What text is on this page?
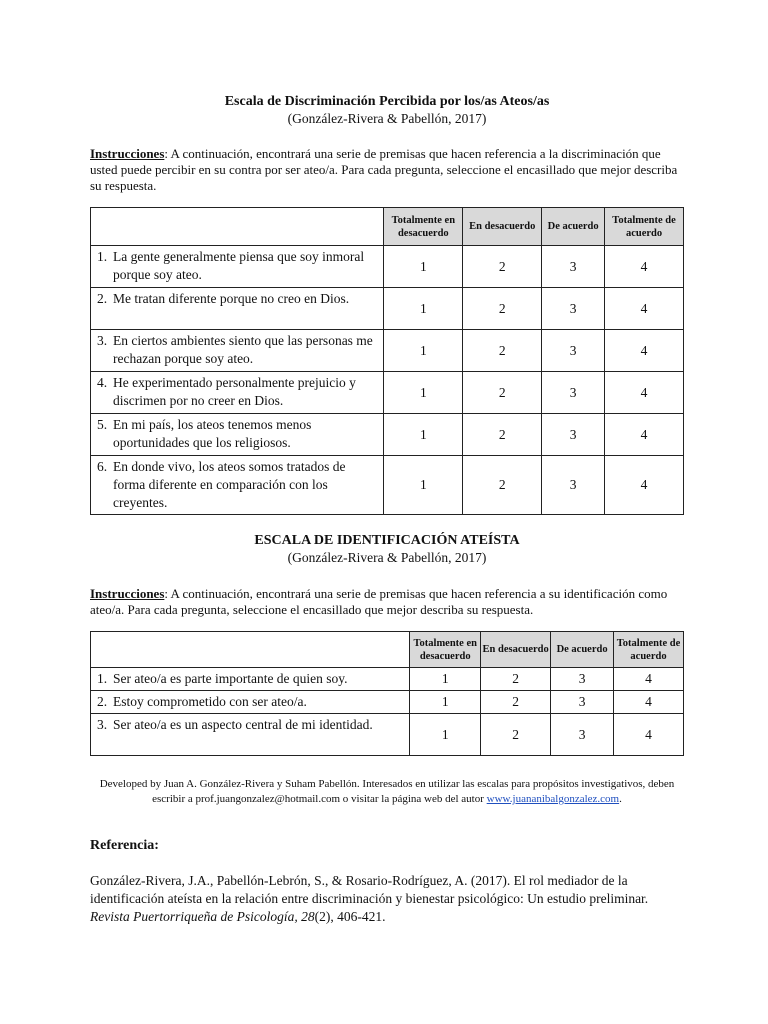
Escala de Discriminación Percibida por los/as Ateos/as
(González-Rivera & Pabellón, 2017)
Instrucciones: A continuación, encontrará una serie de premisas que hacen referencia a la discriminación que usted puede percibir en su contra por ser ateo/a. Para cada pregunta, seleccione el encasillado que mejor describa su respuesta.
	Totalmente en desacuerdo	En desacuerdo	De acuerdo	Totalmente de acuerdo

1. La gente generalmente piensa que soy inmoral porque soy ateo.	1	2	3	4

2. Me tratan diferente porque no creo en Dios.	1	2	3	4

3. En ciertos ambientes siento que las personas me rechazan porque soy ateo.	1	2	3	4

4. He experimentado personalmente prejuicio y discrimen por no creer en Dios.	1	2	3	4

5. En mi país, los ateos tenemos menos oportunidades que los religiosos.	1	2	3	4

6. En donde vivo, los ateos somos tratados de forma diferente en comparación con los creyentes.	1	2	3	4
ESCALA DE IDENTIFICACIÓN ATEÍSTA
(González-Rivera & Pabellón, 2017)
Instrucciones: A continuación, encontrará una serie de premisas que hacen referencia a su identificación como ateo/a. Para cada pregunta, seleccione el encasillado que mejor describa su respuesta.
	Totalmente en desacuerdo	En desacuerdo	De acuerdo	Totalmente de acuerdo

1. Ser ateo/a es parte importante de quien soy.	1	2	3	4

2. Estoy comprometido con ser ateo/a.	1	2	3	4

3. Ser ateo/a es un aspecto central de mi identidad.	1	2	3	4
Developed by Juan A. González-Rivera y Suham Pabellón. Interesados en utilizar las escalas para propósitos investigativos, deben escribir a prof.juangonzalez@hotmail.com o visitar la página web del autor www.juananibalgonzalez.com.
Referencia:
González-Rivera, J.A., Pabellón-Lebrón, S., & Rosario-Rodríguez, A. (2017). El rol mediador de la identificación ateísta en la relación entre discriminación y bienestar psicológico: Un estudio preliminar. Revista Puertorriqueña de Psicología, 28(2), 406-421.
